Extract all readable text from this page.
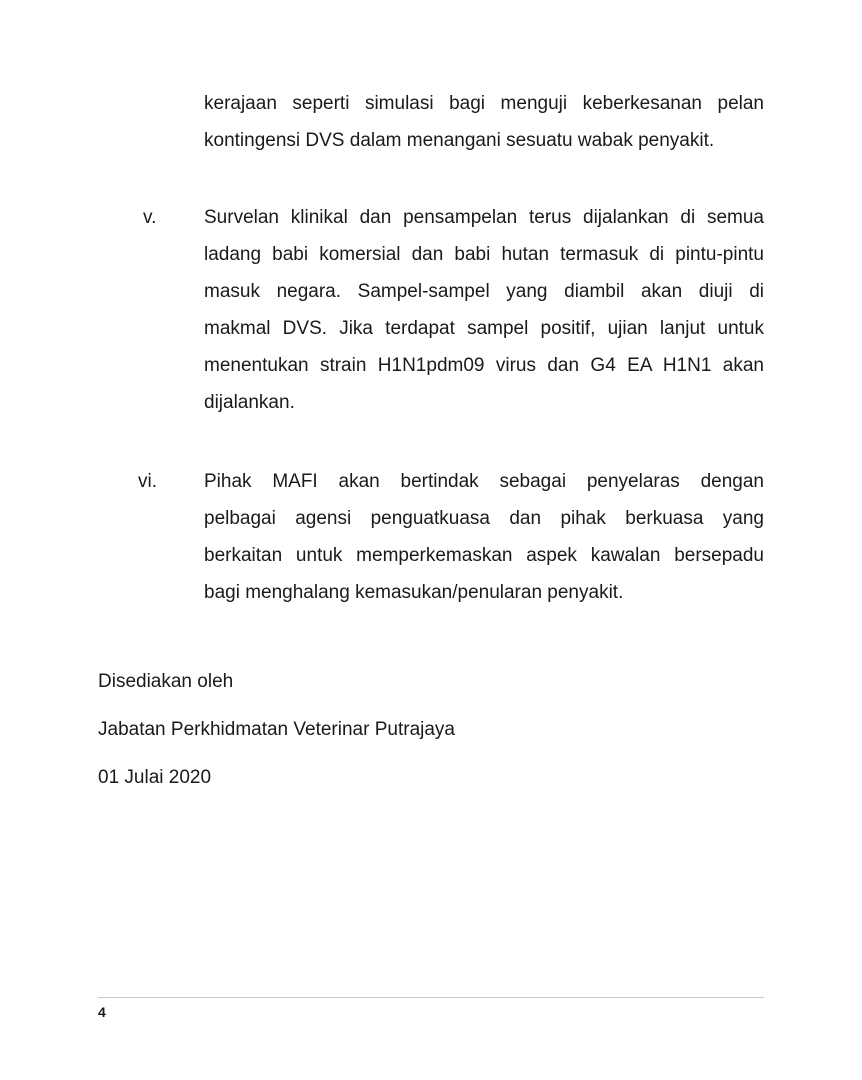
kerajaan seperti simulasi bagi menguji keberkesanan pelan
kontingensi DVS dalam menangani sesuatu wabak penyakit.
v.	Survelan klinikal dan pensampelan terus dijalankan di semua
ladang babi komersial dan babi hutan termasuk di pintu-pintu
masuk negara. Sampel-sampel yang diambil akan diuji di
makmal DVS. Jika terdapat sampel positif, ujian lanjut untuk
menentukan strain H1N1pdm09 virus dan G4 EA H1N1 akan
dijalankan.
vi. Pihak MAFI akan bertindak sebagai penyelaras dengan
pelbagai agensi penguatkuasa dan pihak berkuasa yang
berkaitan untuk memperkemaskan aspek kawalan bersepadu
bagi menghalang kemasukan/penularan penyakit.
Disediakan oleh
Jabatan Perkhidmatan Veterinar Putrajaya
01 Julai 2020
4
